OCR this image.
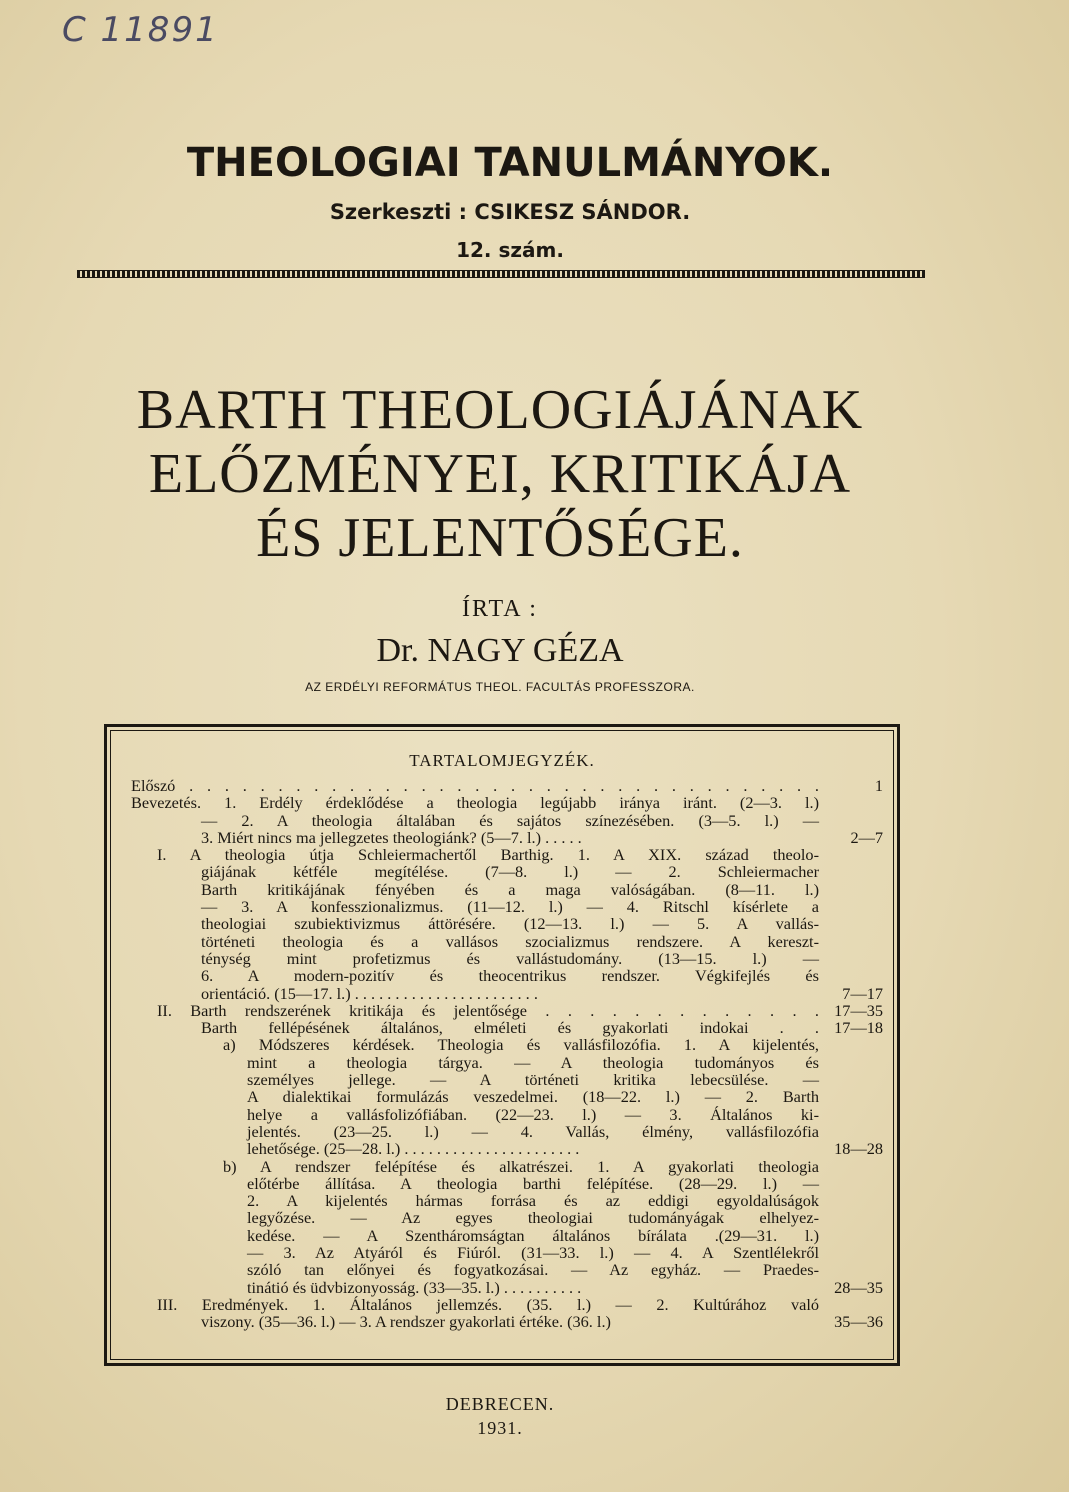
C 11891
THEOLOGIAI TANULMÁNYOK.
Szerkeszti : CSIKESZ SÁNDOR.
12. szám.
BARTH THEOLOGIÁJÁNAK
ELŐZMÉNYEI, KRITIKÁJA
ÉS JELENTŐSÉGE.
ÍRTA :
Dr. NAGY GÉZA
AZ ERDÉLYI REFORMÁTUS THEOL. FACULTÁS PROFESSZORA.
TARTALOMJEGYZÉK.
Előszó . . . . . . . . . . . . . . . . . . . . . . . . . . . . . . . . . . . .	1
Bevezetés. 1. Erdély érdeklődése a theologia legújabb iránya iránt. (2—3. l.)
— 2. A theologia általában és sajátos színezésében. (3—5. l.) —
3. Miért nincs ma jellegzetes theologiánk? (5—7. l.) . . . . .	2—7
I. A theologia útja Schleiermachertől Barthig. 1. A XIX. század theolo-
giájának kétféle megítélése. (7—8. l.) — 2. Schleiermacher
Barth kritikájának fényében és a maga valóságában. (8—11. l.)
— 3. A konfesszionalizmus. (11—12. l.) — 4. Ritschl kísérlete a
theologiai szubiektivizmus áttörésére. (12—13. l.) — 5. A vallás-
történeti theologia és a vallásos szocializmus rendszere. A kereszt-
ténység mint profetizmus és vallástudomány. (13—15. l.) —
6. A modern-pozitív és theocentrikus rendszer. Végkifejlés és
orientáció. (15—17. l.) . . . . . . . . . . . . . . . . . . . . . . .	7—17
II. Barth rendszerének kritikája és jelentősége . . . . . . . . . . . . . 17—35
Barth fellépésének általános, elméleti és gyakorlati indokai . . 17—18
a) Módszeres kérdések. Theologia és vallásfilozófia. 1. A kijelentés,
mint a theologia tárgya. — A theologia tudományos és
személyes jellege. — A történeti kritika lebecsülése. —
A dialektikai formulázás veszedelmei. (18—22. l.) — 2. Barth
helye a vallásfolizófiában. (22—23. l.) — 3. Általános ki-
jelentés. (23—25. l.) — 4. Vallás, élmény, vallásfilozófia
lehetősége. (25—28. l.) . . . . . . . . . . . . . . . . . . . . . .	18—28
b) A rendszer felépítése és alkatrészei. 1. A gyakorlati theologia
előtérbe állítása. A theologia barthi felépítése. (28—29. l.) —
2. A kijelentés hármas forrása és az eddigi egyoldalúságok
legyőzése. — Az egyes theologiai tudományágak elhelyez-
kedése. — A Szentháromságtan általános bírálata .(29—31. l.)
— 3. Az Atyáról és Fiúról. (31—33. l.) — 4. A Szentlélekről
szóló tan előnyei és fogyatkozásai. — Az egyház. — Praedes-
tinátió és üdvbizonyosság. (33—35. l.) . . . . . . . . . .	28—35
III. Eredmények. 1. Általános jellemzés. (35. l.) — 2. Kultúrához való
viszony. (35—36. l.) — 3. A rendszer gyakorlati értéke. (36. l.)	35—36
DEBRECEN.
1931.
